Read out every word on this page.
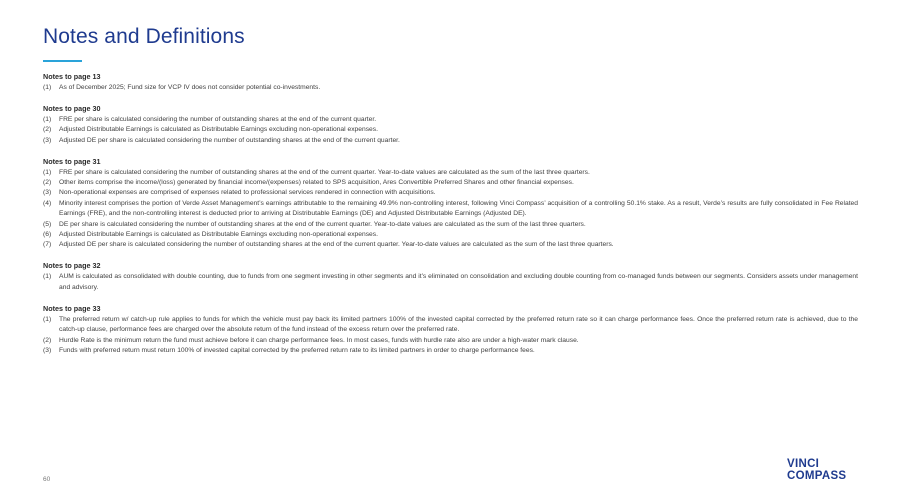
Notes and Definitions
Notes to page 13
(1)	As of December 2025; Fund size for VCP IV does not consider potential co-investments.
Notes to page 30
(1)	FRE per share is calculated considering the number of outstanding shares at the end of the current quarter.
(2)	Adjusted Distributable Earnings is calculated as Distributable Earnings excluding non-operational expenses.
(3)	Adjusted DE per share is calculated considering the number of outstanding shares at the end of the current quarter.
Notes to page 31
(1)	FRE per share is calculated considering the number of outstanding shares at the end of the current quarter. Year-to-date values are calculated as the sum of the last three quarters.
(2)	Other items comprise the income/(loss) generated by financial income/(expenses) related to SPS acquisition, Ares Convertible Preferred Shares and other financial expenses.
(3)	Non-operational expenses are comprised of expenses related to professional services rendered in connection with acquisitions.
(4)	Minority interest comprises the portion of Verde Asset Management’s earnings attributable to the remaining 49.9% non-controlling interest, following Vinci Compass’ acquisition of a controlling 50.1% stake. As a result, Verde’s results are fully consolidated in Fee Related Earnings (FRE), and the non-controlling interest is deducted prior to arriving at Distributable Earnings (DE) and Adjusted Distributable Earnings (Adjusted DE).
(5)	DE per share is calculated considering the number of outstanding shares at the end of the current quarter. Year-to-date values are calculated as the sum of the last three quarters.
(6)	Adjusted Distributable Earnings is calculated as Distributable Earnings excluding non-operational expenses.
(7)	Adjusted DE per share is calculated considering the number of outstanding shares at the end of the current quarter. Year-to-date values are calculated as the sum of the last three quarters.
Notes to page 32
(1)	AUM is calculated as consolidated with double counting, due to funds from one segment investing in other segments and it’s eliminated on consolidation and excluding double counting from co-managed funds between our segments. Considers assets under management and advisory.
Notes to page 33
(1)	The preferred return w/ catch-up rule applies to funds for which the vehicle must pay back its limited partners 100% of the invested capital corrected by the preferred return rate so it can charge performance fees. Once the preferred return rate is achieved, due to the catch-up clause, performance fees are charged over the absolute return of the fund instead of the excess return over the preferred rate.
(2)	Hurdle Rate is the minimum return the fund must achieve before it can charge performance fees. In most cases, funds with hurdle rate also are under a high-water mark clause.
(3)	Funds with preferred return must return 100% of invested capital corrected by the preferred return rate to its limited partners in order to charge performance fees.
60
VINCI
COMPASS
